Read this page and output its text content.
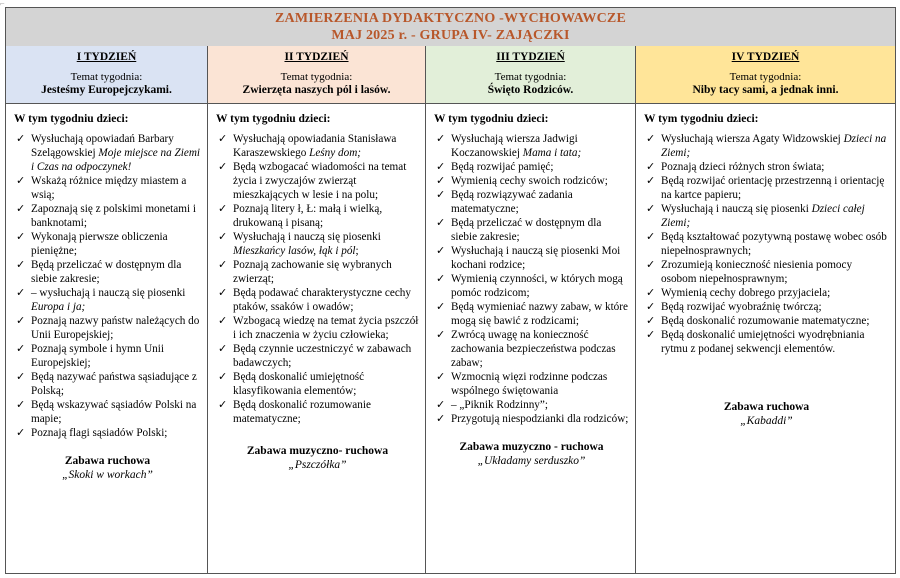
⌐
ZAMIERZENIA DYDAKTYCZNO -WYCHOWAWCZE
MAJ 2025 r. - GRUPA IV- ZAJĄCZKI
I TYDZIEŃ
Temat tygodnia:
Jesteśmy Europejczykami.
W tym tygodniu dzieci:
✓ Wysłuchają opowiadań Barbary Szelągowskiej Moje miejsce na Ziemi i Czas na odpoczynek!
✓ Wskażą różnice między miastem a wsią;
✓ Zapoznają się z polskimi monetami i banknotami;
✓ Wykonają pierwsze obliczenia pieniężne;
✓ Będą przeliczać w dostępnym dla siebie zakresie;
✓ – wysłuchają i nauczą się piosenki Europa i ja;
✓ Poznają nazwy państw należących do Unii Europejskiej;
✓ Poznają symbole i hymn Unii Europejskiej;
✓ Będą nazywać państwa sąsiadujące z Polską;
✓ Będą wskazywać sąsiadów Polski na mapie;
✓ Poznają flagi sąsiadów Polski;
Zabawa ruchowa
„Skoki w workach”
II TYDZIEŃ
Temat tygodnia:
Zwierzęta naszych pól i lasów.
W tym tygodniu dzieci:
✓ Wysłuchają opowiadania Stanisława Karaszewskiego Leśny dom;
✓ Będą wzbogacać wiadomości na temat życia i zwyczajów zwierząt mieszkających w lesie i na polu;
✓ Poznają litery ł, Ł: małą i wielką, drukowaną i pisaną;
✓ Wysłuchają i nauczą się piosenki Mieszkańcy lasów, łąk i pól;
✓ Poznają zachowanie się wybranych zwierząt;
✓ Będą podawać charakterystyczne cechy ptaków, ssaków i owadów;
✓ Wzbogacą wiedzę na temat życia pszczół i ich znaczenia w życiu człowieka;
✓ Będą czynnie uczestniczyć w zabawach badawczych;
✓ Będą doskonalić umiejętność klasyfikowania elementów;
✓ Będą doskonalić rozumowanie matematyczne;
Zabawa muzyczno- ruchowa
„Pszczółka”
III TYDZIEŃ
Temat tygodnia:
Święto Rodziców.
W tym tygodniu dzieci:
✓ Wysłuchają wiersza Jadwigi Koczanowskiej Mama i tata;
✓ Będą rozwijać pamięć;
✓ Wymienią cechy swoich rodziców;
✓ Będą rozwiązywać zadania matematyczne;
✓ Będą przeliczać w dostępnym dla siebie zakresie;
✓ Wysłuchają i nauczą się piosenki Moi kochani rodzice;
✓ Wymienią czynności, w których mogą pomóc rodzicom;
✓ Będą wymieniać nazwy zabaw, w które mogą się bawić z rodzicami;
✓ Zwrócą uwagę na konieczność zachowania bezpieczeństwa podczas zabaw;
✓ Wzmocnią więzi rodzinne podczas wspólnego świętowania
✓ – „Piknik Rodzinny”;
✓ Przygotują niespodzianki dla rodziców;
Zabawa muzyczno - ruchowa
„Układamy serduszko”
IV TYDZIEŃ
Temat tygodnia:
Niby tacy sami, a jednak inni.
W tym tygodniu dzieci:
✓ Wysłuchają wiersza Agaty Widzowskiej Dzieci na Ziemi;
✓ Poznają dzieci różnych stron świata;
✓ Będą rozwijać orientację przestrzenną i orientację na kartce papieru;
✓ Wysłuchają i nauczą się piosenki Dzieci całej Ziemi;
✓ Będą kształtować pozytywną postawę wobec osób niepełnosprawnych;
✓ Zrozumieją konieczność niesienia pomocy osobom niepełnosprawnym;
✓ Wymienią cechy dobrego przyjaciela;
✓ Będą rozwijać wyobraźnię twórczą;
✓ Będą doskonalić rozumowanie matematyczne;
✓ Będą doskonalić umiejętności wyodrębniania rytmu z podanej sekwencji elementów.
Zabawa ruchowa
„Kabaddi”
